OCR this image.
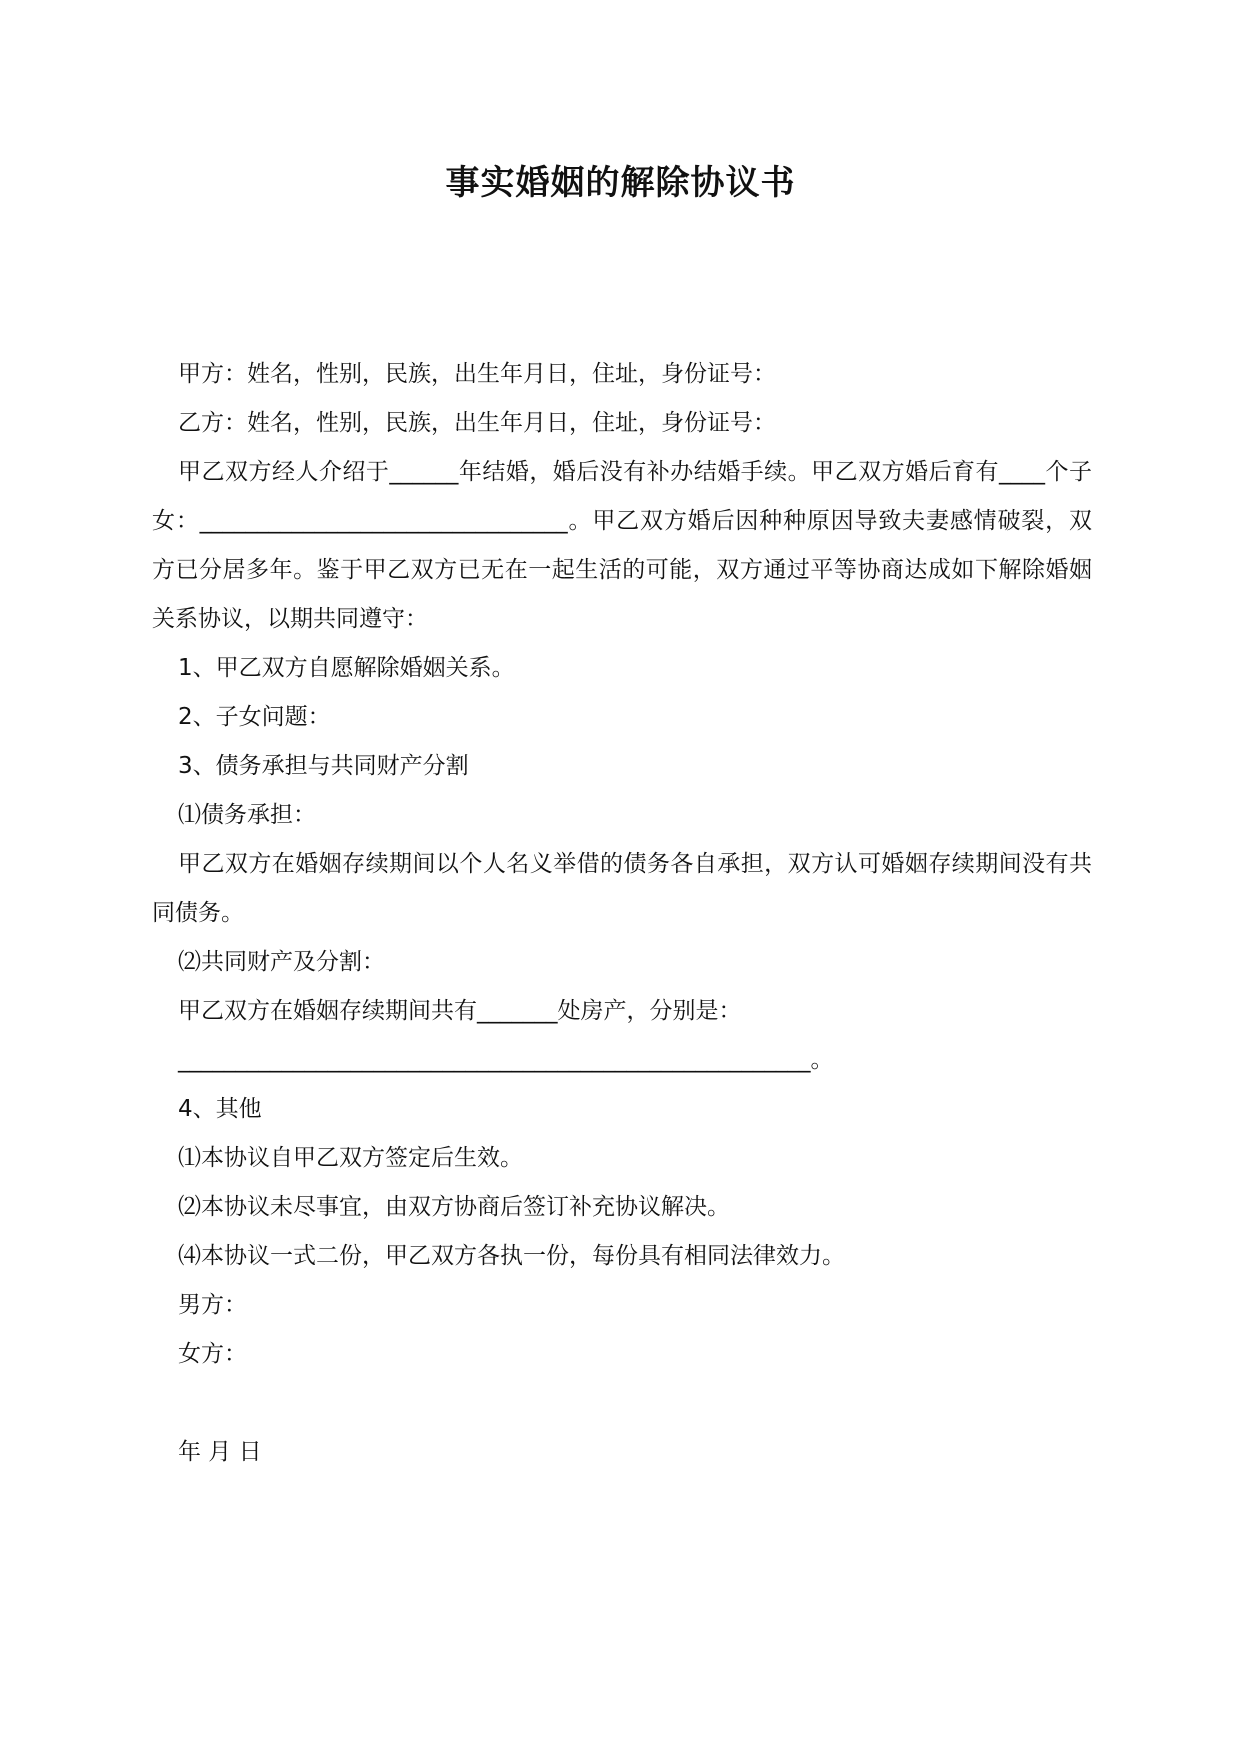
事实婚姻的解除协议书

甲方：姓名，性别，民族，出生年月日，住址，身份证号：

乙方：姓名，性别，民族，出生年月日，住址，身份证号：

甲乙双方经人介绍于______年结婚，婚后没有补办结婚手续。甲乙双方婚后育有____个子女：________________________________。甲乙双方婚后因种种原因导致夫妻感情破裂，双方已分居多年。鉴于甲乙双方已无在一起生活的可能，双方通过平等协商达成如下解除婚姻关系协议，以期共同遵守：

1、甲乙双方自愿解除婚姻关系。

2、子女问题：

3、债务承担与共同财产分割

⑴债务承担：

甲乙双方在婚姻存续期间以个人名义举借的债务各自承担，双方认可婚姻存续期间没有共同债务。

⑵共同财产及分割：

甲乙双方在婚姻存续期间共有_______处房产，分别是：

_______________________________________________________。

4、其他

⑴本协议自甲乙双方签定后生效。

⑵本协议未尽事宜，由双方协商后签订补充协议解决。

⑷本协议一式二份，甲乙双方各执一份，每份具有相同法律效力。

男方：

女方：

年 月 日
